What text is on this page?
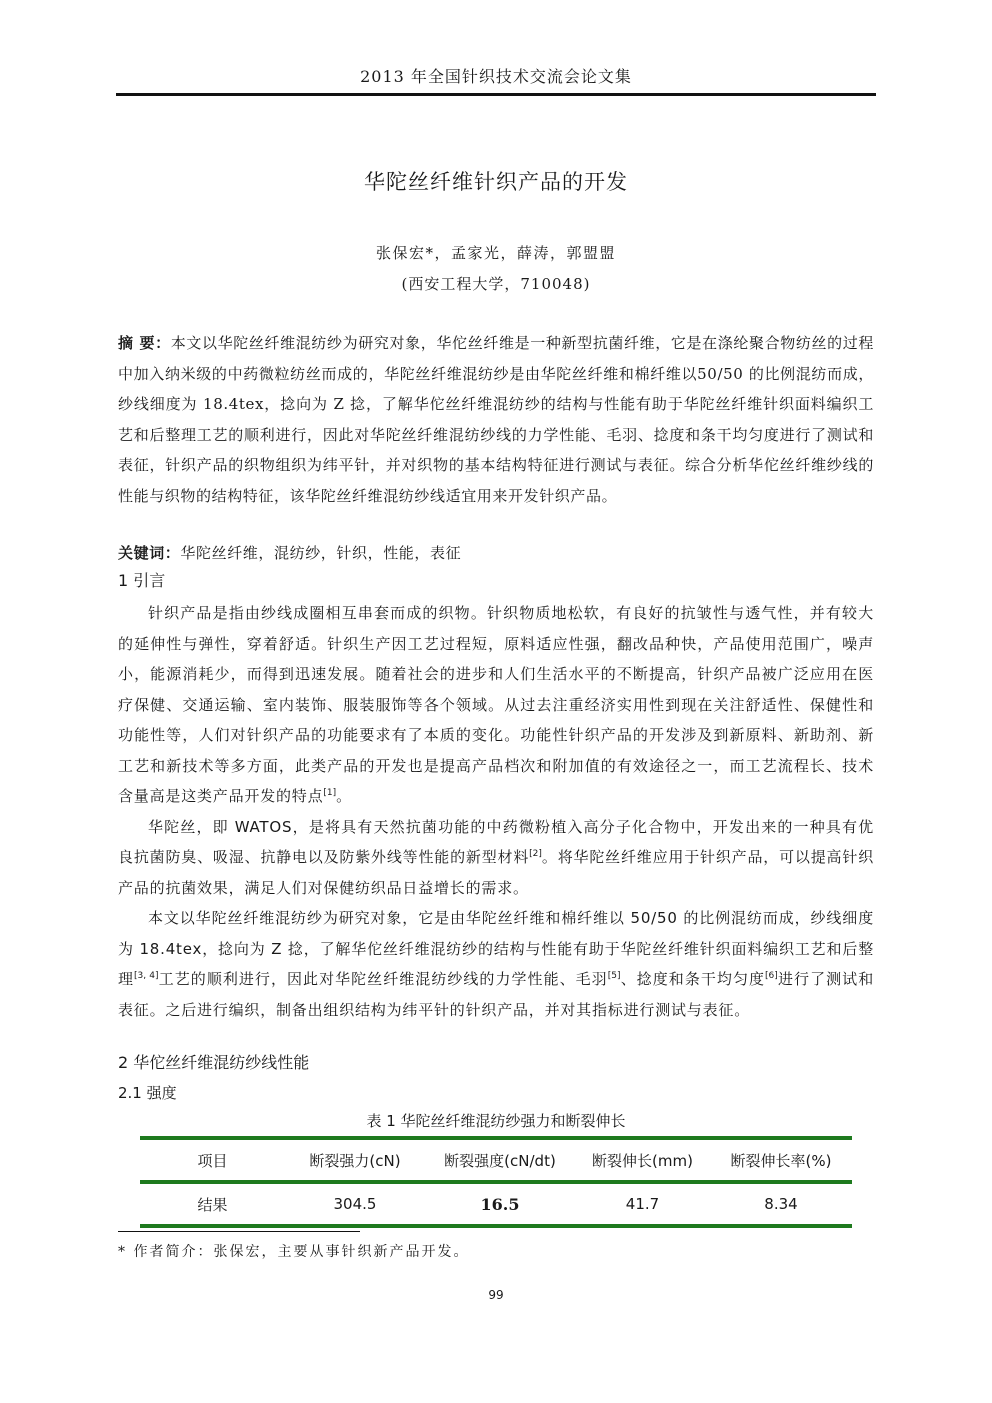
2013 年全国针织技术交流会论文集
华陀丝纤维针织产品的开发
张保宏*，孟家光，薛涛，郭盟盟
(西安工程大学，710048)
摘 要：本文以华陀丝纤维混纺纱为研究对象，华佗丝纤维是一种新型抗菌纤维，它是在涤纶聚合物纺丝的过程中加入纳米级的中药微粒纺丝而成的，华陀丝纤维混纺纱是由华陀丝纤维和棉纤维以50/50 的比例混纺而成，纱线细度为 18.4tex，捻向为 Z 捻，了解华佗丝纤维混纺纱的结构与性能有助于华陀丝纤维针织面料编织工艺和后整理工艺的顺利进行，因此对华陀丝纤维混纺纱线的力学性能、毛羽、捻度和条干均匀度进行了测试和表征，针织产品的织物组织为纬平针，并对织物的基本结构特征进行测试与表征。综合分析华佗丝纤维纱线的性能与织物的结构特征，该华陀丝纤维混纺纱线适宜用来开发针织产品。
关键词：华陀丝纤维，混纺纱，针织，性能，表征
1 引言

针织产品是指由纱线成圈相互串套而成的织物。针织物质地松软，有良好的抗皱性与透气性，并有较大的延伸性与弹性，穿着舒适。针织生产因工艺过程短，原料适应性强，翻改品种快，产品使用范围广，噪声小，能源消耗少，而得到迅速发展。随着社会的进步和人们生活水平的不断提高，针织产品被广泛应用在医疗保健、交通运输、室内装饰、服装服饰等各个领域。从过去注重经济实用性到现在关注舒适性、保健性和功能性等，人们对针织产品的功能要求有了本质的变化。功能性针织产品的开发涉及到新原料、新助剂、新工艺和新技术等多方面，此类产品的开发也是提高产品档次和附加值的有效途径之一，而工艺流程长、技术含量高是这类产品开发的特点[1]。

华陀丝，即 WATOS，是将具有天然抗菌功能的中药微粉植入高分子化合物中，开发出来的一种具有优良抗菌防臭、吸湿、抗静电以及防紫外线等性能的新型材料[2]。将华陀丝纤维应用于针织产品，可以提高针织产品的抗菌效果，满足人们对保健纺织品日益增长的需求。

本文以华陀丝纤维混纺纱为研究对象，它是由华陀丝纤维和棉纤维以 50/50 的比例混纺而成，纱线细度为 18.4tex，捻向为 Z 捻，了解华佗丝纤维混纺纱的结构与性能有助于华陀丝纤维针织面料编织工艺和后整理[3, 4]工艺的顺利进行，因此对华陀丝纤维混纺纱线的力学性能、毛羽[5]、捻度和条干均匀度[6]进行了测试和表征。之后进行编织，制备出组织结构为纬平针的针织产品，并对其指标进行测试与表征。

2 华佗丝纤维混纺纱线性能
2.1 强度
表 1 华陀丝纤维混纺纱强力和断裂伸长
项目	断裂强力(cN)	断裂强度(cN/dt)	断裂伸长(mm)	断裂伸长率(%)
结果	304.5	16.5	41.7	8.34
* 作者简介：张保宏，主要从事针织新产品开发。
99
